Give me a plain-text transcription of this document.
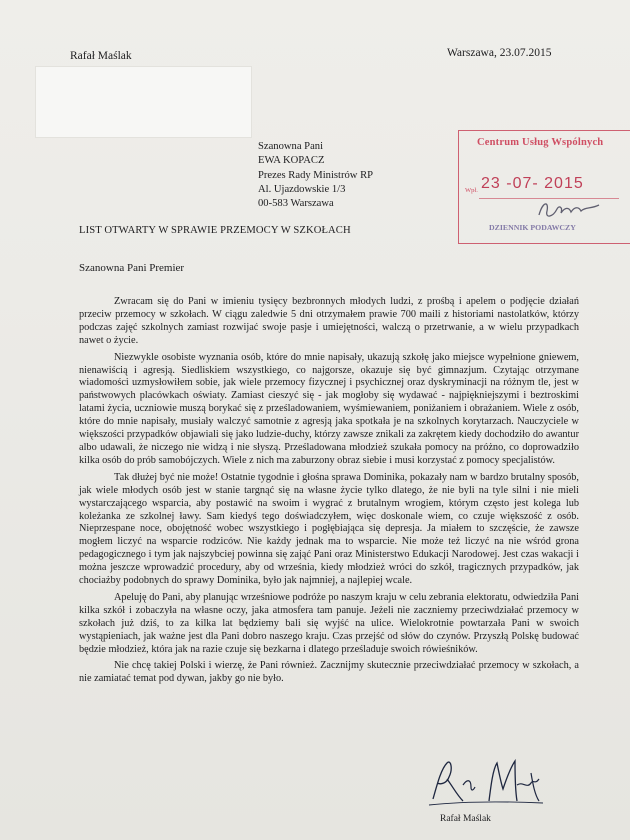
Rafał Maślak	Warszawa, 23.07.2015
Szanowna Pani
EWA KOPACZ
Prezes Rady Ministrów RP
Al. Ujazdowskie 1/3
00-583 Warszawa
Centrum Usług Wspólnych
Wpł. 23 -07- 2015
DZIENNIK PODAWCZY
LIST OTWARTY W SPRAWIE PRZEMOCY W SZKOŁACH
Szanowna Pani Premier

Zwracam się do Pani w imieniu tysięcy bezbronnych młodych ludzi, z prośbą i apelem o podjęcie działań przeciw przemocy w szkołach. W ciągu zaledwie 5 dni otrzymałem prawie 700 maili z historiami nastolatków, którzy podczas zajęć szkolnych zamiast rozwijać swoje pasje i umiejętności, walczą o przetrwanie, a w wielu przypadkach nawet o życie.

Niezwykle osobiste wyznania osób, które do mnie napisały, ukazują szkołę jako miejsce wypełnione gniewem, nienawiścią i agresją. Siedliskiem wszystkiego, co najgorsze, okazuje się być gimnazjum. Czytając otrzymane wiadomości uzmysłowiłem sobie, jak wiele przemocy fizycznej i psychicznej oraz dyskryminacji na różnym tle, jest w państwowych placówkach oświaty. Zamiast cieszyć się - jak mogłoby się wydawać - najpiękniejszymi i beztroskimi latami życia, uczniowie muszą borykać się z prześladowaniem, wyśmiewaniem, poniżaniem i obrażaniem. Wiele z osób, które do mnie napisały, musiały walczyć samotnie z agresją jaka spotkała je na szkolnych korytarzach. Nauczyciele w większości przypadków objawiali się jako ludzie-duchy, którzy zawsze znikali za zakrętem kiedy dochodziło do awantur albo udawali, że niczego nie widzą i nie słyszą. Prześladowana młodzież szukała pomocy na próżno, co doprowadziło kilka osób do prób samobójczych. Wiele z nich ma zaburzony obraz siebie i musi korzystać z pomocy specjalistów.

Tak dłużej być nie może! Ostatnie tygodnie i głośna sprawa Dominika, pokazały nam w bardzo brutalny sposób, jak wiele młodych osób jest w stanie targnąć się na własne życie tylko dlatego, że nie byli na tyle silni i nie mieli wystarczającego wsparcia, aby postawić na swoim i wygrać z brutalnym wrogiem, którym często jest kolega lub koleżanka ze szkolnej ławy. Sam kiedyś tego doświadczyłem, więc doskonale wiem, co czuje większość z osób. Nieprzespane noce, obojętność wobec wszystkiego i pogłębiająca się depresja. Ja miałem to szczęście, że zawsze mogłem liczyć na wsparcie rodziców. Nie każdy jednak ma to wsparcie. Nie może też liczyć na nie wśród grona pedagogicznego i tym jak najszybciej powinna się zająć Pani oraz Ministerstwo Edukacji Narodowej. Jest czas wakacji i można jeszcze wprowadzić procedury, aby od września, kiedy młodzież wróci do szkół, tragicznych przypadków, jak chociażby podobnych do sprawy Dominika, było jak najmniej, a najlepiej wcale.

Apeluję do Pani, aby planując wrześniowe podróże po naszym kraju w celu zebrania elektoratu, odwiedziła Pani kilka szkół i zobaczyła na własne oczy, jaka atmosfera tam panuje. Jeżeli nie zaczniemy przeciwdziałać przemocy w szkołach już dziś, to za kilka lat będziemy bali się wyjść na ulice. Wielokrotnie powtarzała Pani w swoich wystąpieniach, jak ważne jest dla Pani dobro naszego kraju. Czas przejść od słów do czynów. Przyszłą Polskę budować będzie młodzież, która jak na razie czuje się bezkarna i dlatego prześladuje swoich rówieśników.

Nie chcę takiej Polski i wierzę, że Pani również. Zacznijmy skutecznie przeciwdziałać przemocy w szkołach, a nie zamiatać temat pod dywan, jakby go nie było.

Rafał Maślak
